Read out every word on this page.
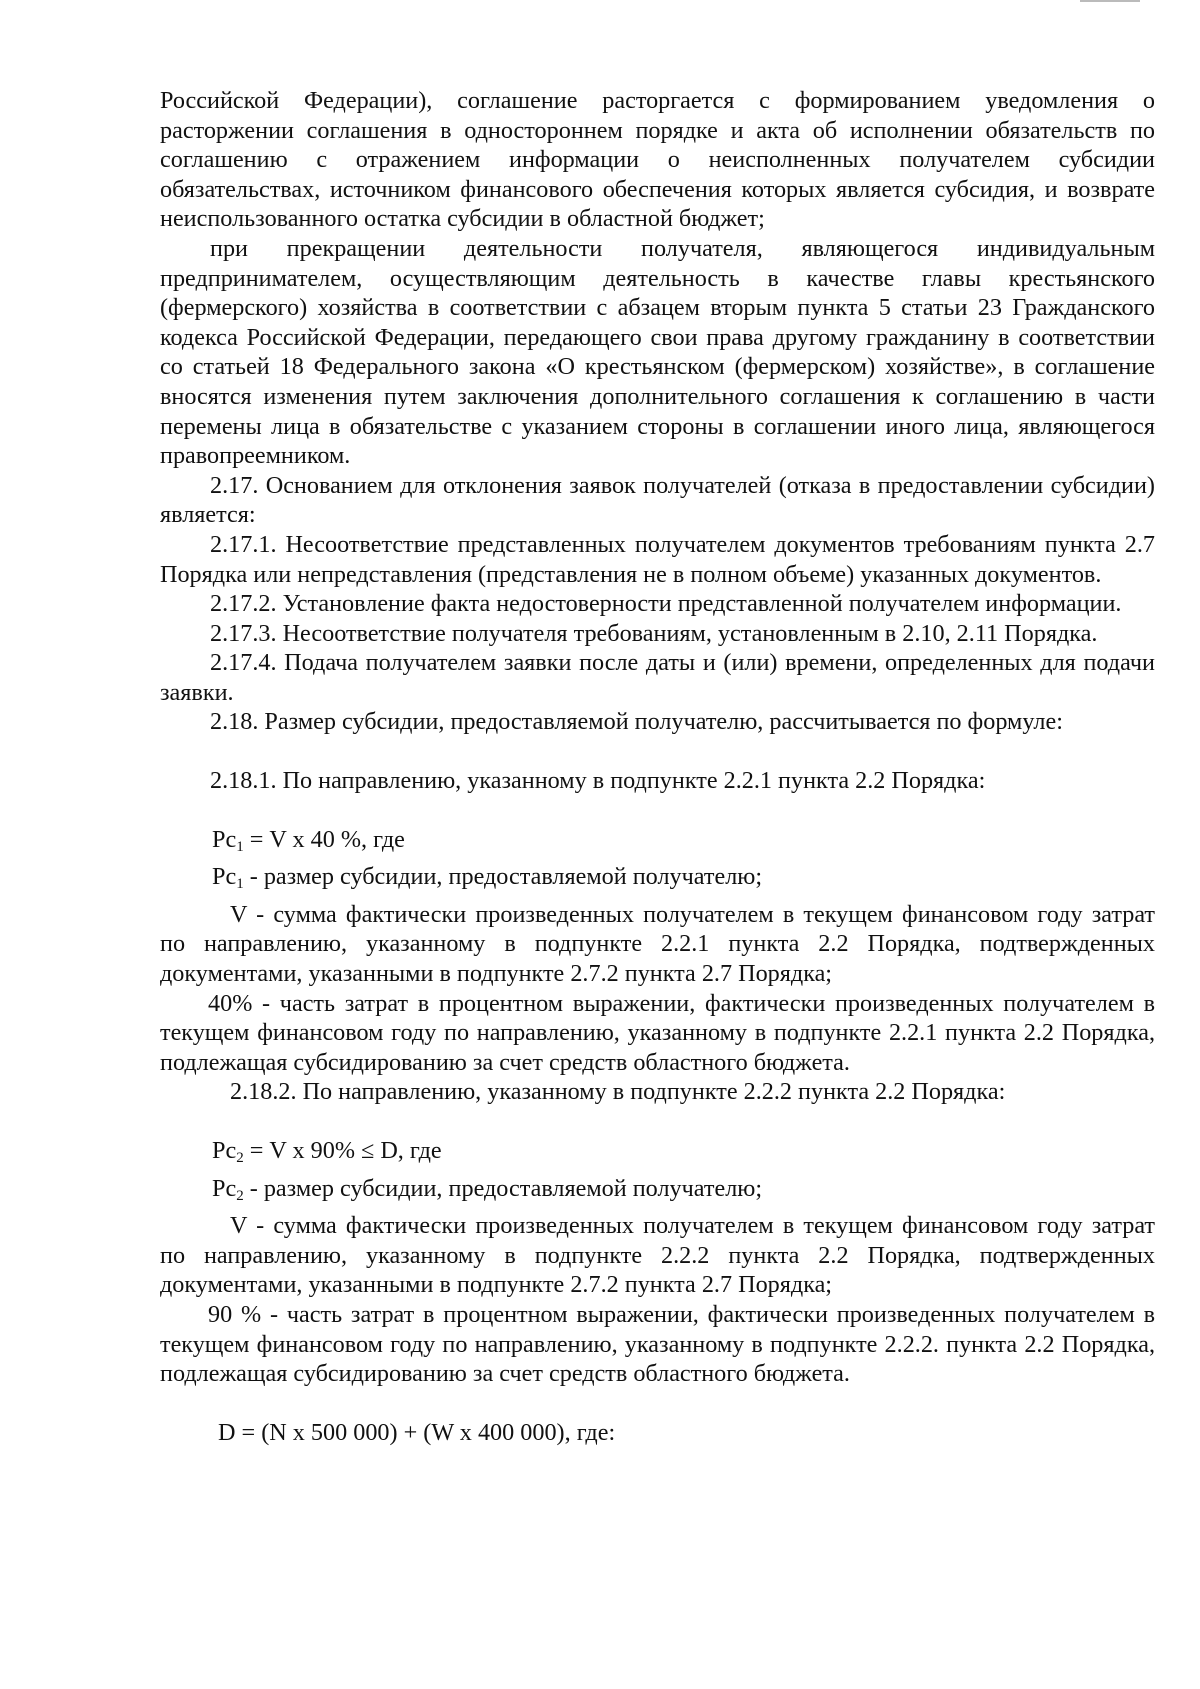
Российской Федерации), соглашение расторгается с формированием уведомления о расторжении соглашения в одностороннем порядке и акта об исполнении обязательств по соглашению с отражением информации о неисполненных получателем субсидии обязательствах, источником финансового обеспечения которых является субсидия, и возврате неиспользованного остатка субсидии в областной бюджет;

при прекращении деятельности получателя, являющегося индивидуальным предпринимателем, осуществляющим деятельность в качестве главы крестьянского (фермерского) хозяйства в соответствии с абзацем вторым пункта 5 статьи 23 Гражданского кодекса Российской Федерации, передающего свои права другому гражданину в соответствии со статьей 18 Федерального закона «О крестьянском (фермерском) хозяйстве», в соглашение вносятся изменения путем заключения дополнительного соглашения к соглашению в части перемены лица в обязательстве с указанием стороны в соглашении иного лица, являющегося правопреемником.

2.17. Основанием для отклонения заявок получателей (отказа в предоставлении субсидии) является:

2.17.1. Несоответствие представленных получателем документов требованиям пункта 2.7 Порядка или непредставления (представления не в полном объеме) указанных документов.

2.17.2. Установление факта недостоверности представленной получателем информации.

2.17.3. Несоответствие получателя требованиям, установленным в 2.10, 2.11 Порядка.

2.17.4. Подача получателем заявки после даты и (или) времени, определенных для подачи заявки.

2.18. Размер субсидии, предоставляемой получателю, рассчитывается по формуле:

2.18.1. По направлению, указанному в подпункте 2.2.1 пункта 2.2 Порядка:

$Рс_1 = V$ x 40 %, где

$Рс_1$ - размер субсидии, предоставляемой получателю;

V - сумма фактически произведенных получателем в текущем финансовом году затрат по направлению, указанному в подпункте 2.2.1 пункта 2.2 Порядка, подтвержденных документами, указанными в подпункте 2.7.2 пункта 2.7 Порядка;

40% - часть затрат в процентном выражении, фактически произведенных получателем в текущем финансовом году по направлению, указанному в подпункте 2.2.1 пункта 2.2 Порядка, подлежащая субсидированию за счет средств областного бюджета.

2.18.2. По направлению, указанному в подпункте 2.2.2 пункта 2.2 Порядка:

$Рс_2 = V$ x 90% ≤ D, где

$Рс_2$ - размер субсидии, предоставляемой получателю;

V - сумма фактически произведенных получателем в текущем финансовом году затрат по направлению, указанному в подпункте 2.2.2 пункта 2.2 Порядка, подтвержденных документами, указанными в подпункте 2.7.2 пункта 2.7 Порядка;

90 % - часть затрат в процентном выражении, фактически произведенных получателем в текущем финансовом году по направлению, указанному в подпункте 2.2.2. пункта 2.2 Порядка, подлежащая субсидированию за счет средств областного бюджета.

D = (N x 500 000) + (W x 400 000), где:
